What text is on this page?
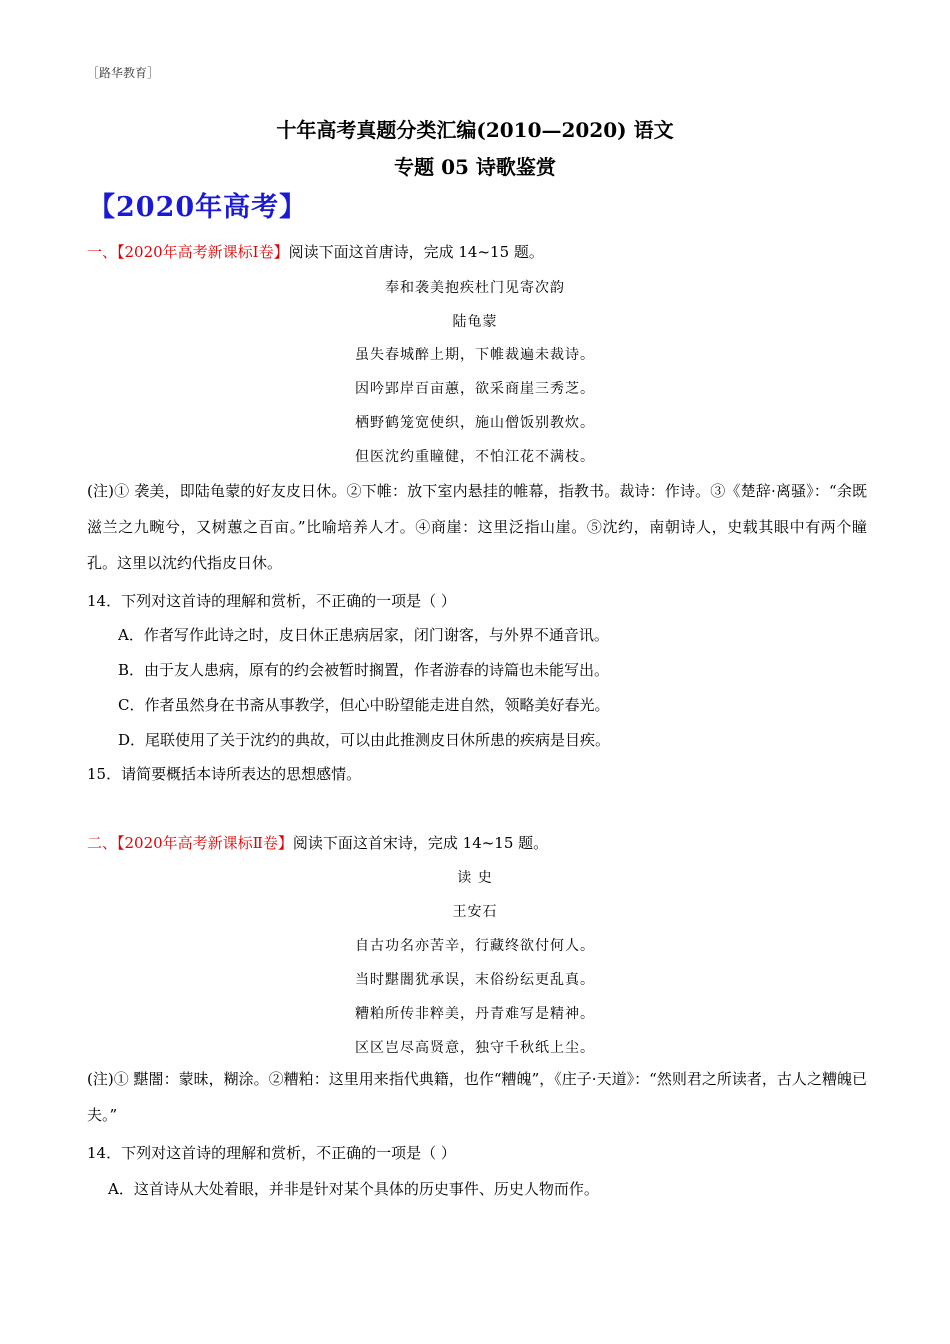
［路华教育］
十年高考真题分类汇编(2010—2020) 语文
专题 05 诗歌鉴赏
【2020年高考】
一、【2020年高考新课标Ⅰ卷】阅读下面这首唐诗，完成 14~15 题。
奉和袭美抱疾杜门见寄次韵
陆龟蒙
虽失春城醉上期，下帷裁遍未裁诗。
因吟郢岸百亩蕙，欲采商崖三秀芝。
栖野鹤笼宽使织，施山僧饭别教炊。
但医沈约重瞳健，不怕江花不满枝。
(注)① 袭美，即陆龟蒙的好友皮日休。②下帷：放下室内悬挂的帷幕，指教书。裁诗：作诗。③《楚辞·离骚》：“余既滋兰之九畹兮，又树蕙之百亩。”比喻培养人才。④商崖：这里泛指山崖。⑤沈约，南朝诗人，史载其眼中有两个瞳孔。这里以沈约代指皮日休。
14．下列对这首诗的理解和赏析，不正确的一项是（ ）
A．作者写作此诗之时，皮日休正患病居家，闭门谢客，与外界不通音讯。
B．由于友人患病，原有的约会被暂时搁置，作者游春的诗篇也未能写出。
C．作者虽然身在书斋从事教学，但心中盼望能走进自然，领略美好春光。
D．尾联使用了关于沈约的典故，可以由此推测皮日休所患的疾病是目疾。
15．请简要概括本诗所表达的思想感情。
二、【2020年高考新课标Ⅱ卷】阅读下面这首宋诗，完成 14~15 题。
读 史
王安石
自古功名亦苦辛，行藏终欲付何人。
当时黮闇犹承误，末俗纷纭更乱真。
糟粕所传非粹美，丹青难写是精神。
区区岂尽高贤意，独守千秋纸上尘。
(注)① 黮闇：蒙昧，糊涂。②糟粕：这里用来指代典籍，也作“糟魄”，《庄子·天道》：“然则君之所读者，古人之糟魄已夫。”
14．下列对这首诗的理解和赏析，不正确的一项是（ ）
A．这首诗从大处着眼，并非是针对某个具体的历史事件、历史人物而作。
